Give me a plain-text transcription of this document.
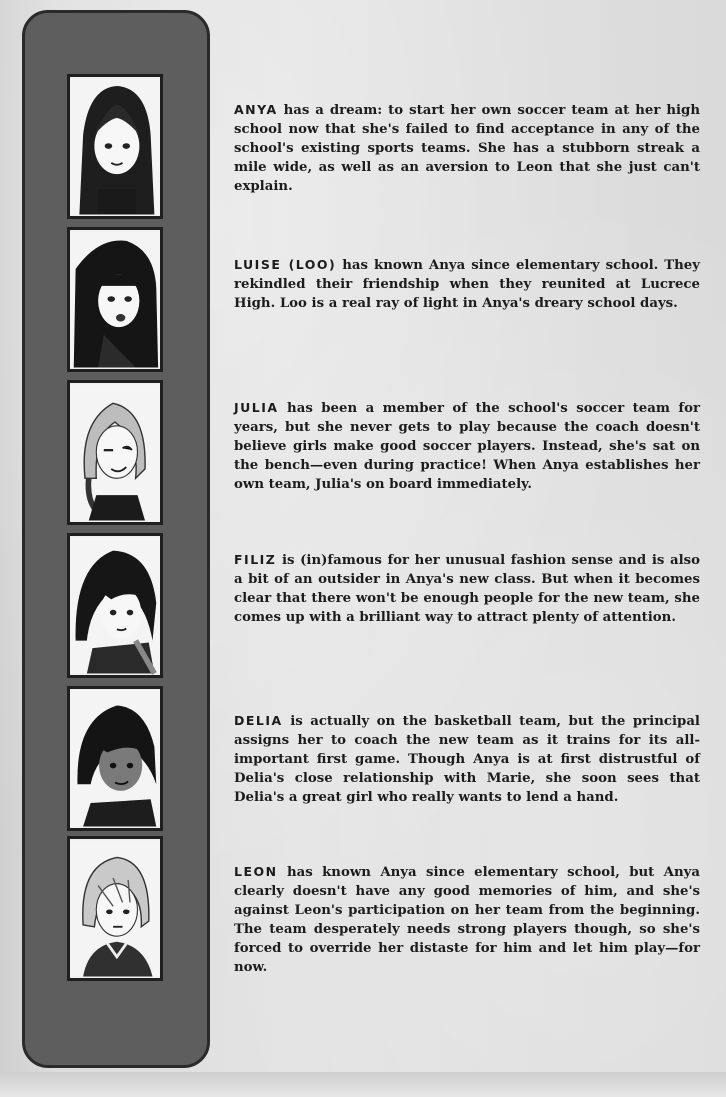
ANYA has a dream: to start her own soccer team at her high school now that she's failed to find acceptance in any of the school's existing sports teams. She has a stubborn streak a mile wide, as well as an aversion to Leon that she just can't explain.
LUISE (LOO) has known Anya since elementary school. They rekindled their friendship when they reunited at Lucrece High. Loo is a real ray of light in Anya's dreary school days.
JULIA has been a member of the school's soccer team for years, but she never gets to play because the coach doesn't believe girls make good soccer players. Instead, she's sat on the bench—even during practice! When Anya establishes her own team, Julia's on board immediately.
FILIZ is (in)famous for her unusual fashion sense and is also a bit of an outsider in Anya's new class. But when it becomes clear that there won't be enough people for the new team, she comes up with a brilliant way to attract plenty of attention.
DELIA is actually on the basketball team, but the principal assigns her to coach the new team as it trains for its all-important first game. Though Anya is at first distrustful of Delia's close relationship with Marie, she soon sees that Delia's a great girl who really wants to lend a hand.
LEON has known Anya since elementary school, but Anya clearly doesn't have any good memories of him, and she's against Leon's participation on her team from the beginning. The team desperately needs strong players though, so she's forced to override her distaste for him and let him play—for now.
